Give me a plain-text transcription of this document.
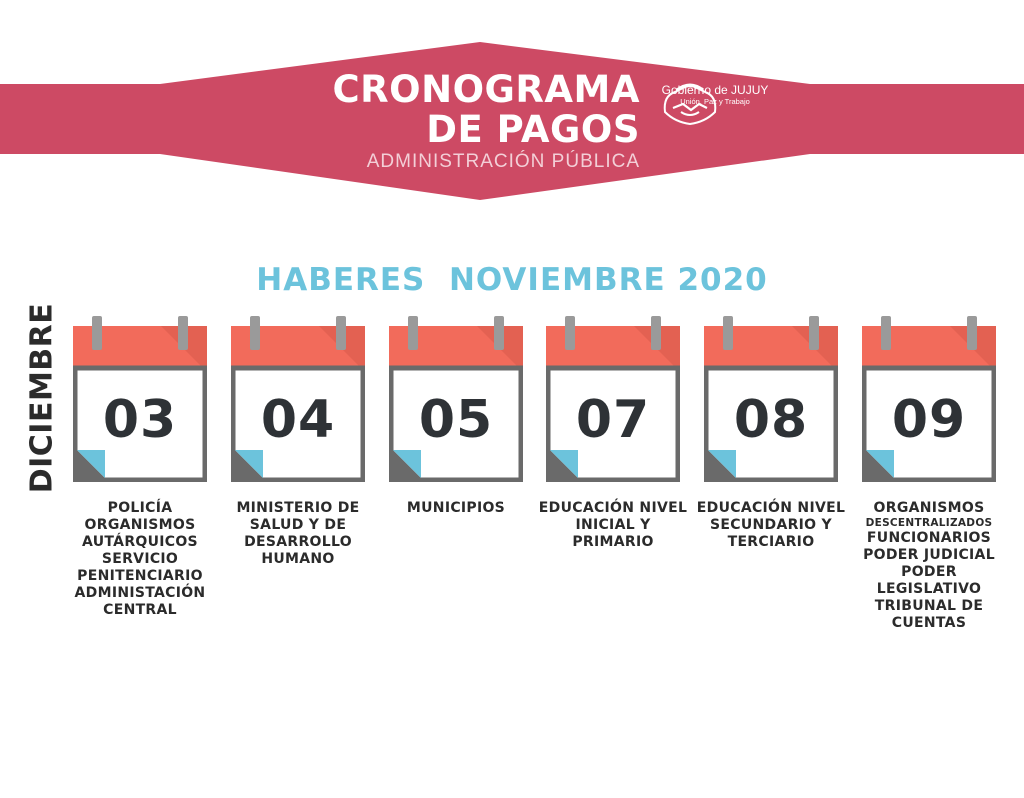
CRONOGRAMA
DE PAGOS
ADMINISTRACIÓN PÚBLICA
Gobierno de JUJUY
Unión, Paz y Trabajo
HABERES  NOVIEMBRE 2020
DICIEMBRE 03
POLICÍA
ORGANISMOS AUTÁRQUICOS
SERVICIO PENITENCIARIO
ADMINISTACIÓN CENTRAL
04
MINISTERIO DE SALUD Y DE DESARROLLO HUMANO
05
MUNICIPIOS
07
EDUCACIÓN NIVEL INICIAL Y PRIMARIO
08
EDUCACIÓN NIVEL SECUNDARIO Y TERCIARIO
09
ORGANISMOS
DESCENTRALIZADOS
FUNCIONARIOS
PODER JUDICIAL
PODER LEGISLATIVO
TRIBUNAL DE CUENTAS
